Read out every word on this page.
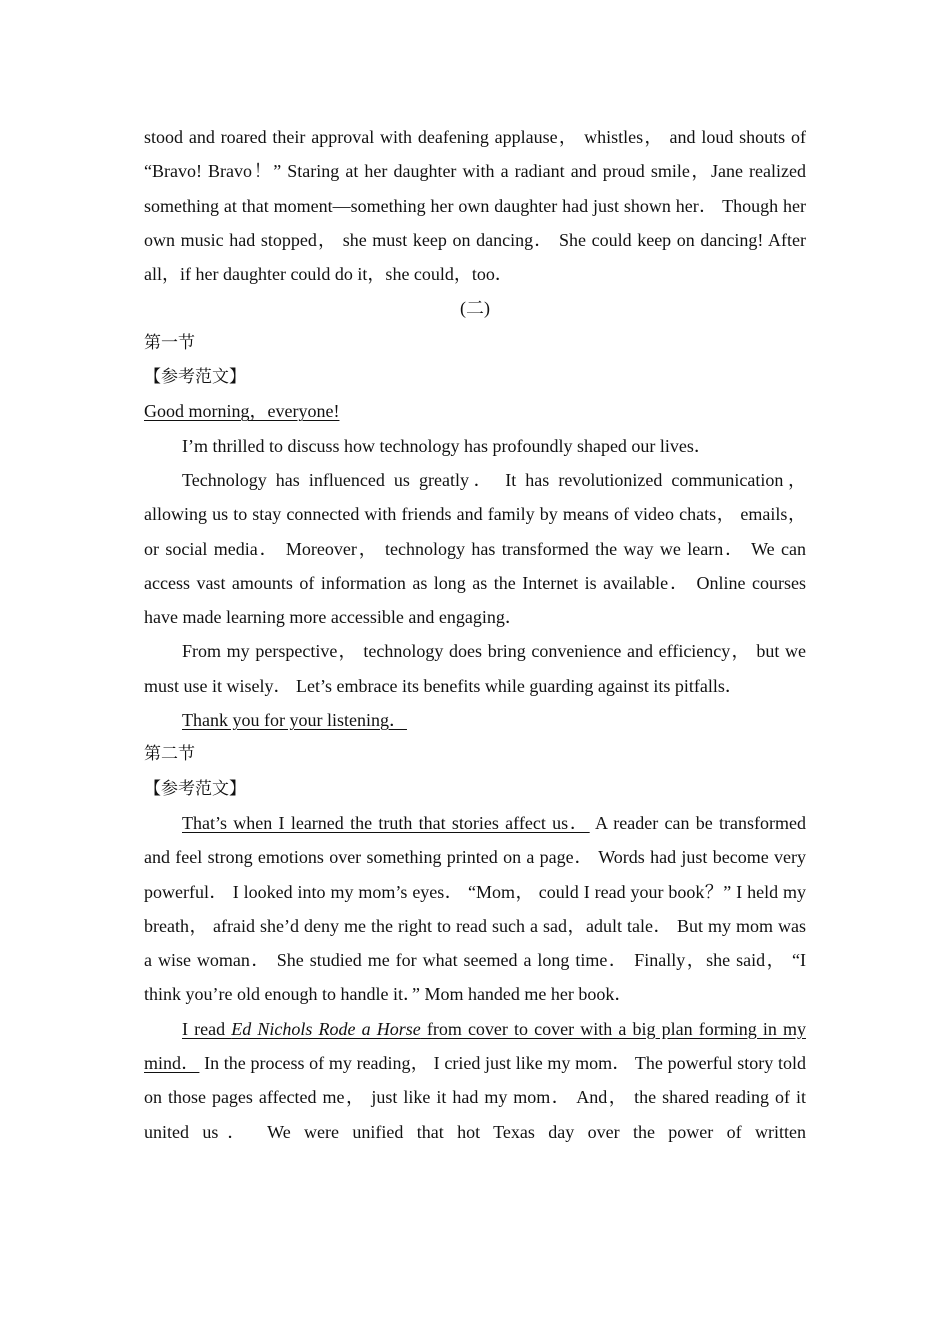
stood and roared their approval with deafening applause， whistles， and loud shouts of “Bravo! Bravo！” Staring at her daughter with a radiant and proud smile，Jane realized something at that moment—something her own daughter had just shown her． Though her own music had stopped， she must keep on dancing． She could keep on dancing! After all，if her daughter could do it，she could，too．

(二)

第一节

【参考范文】

Good morning，everyone!

I’m thrilled to discuss how technology has profoundly shaped our lives．

Technology has influenced us greatly． It has revolutionized communication， allowing us to stay connected with friends and family by means of video chats， emails， or social media． Moreover， technology has transformed the way we learn． We can access vast amounts of information as long as the Internet is available． Online courses have made learning more accessible and engaging．

From my perspective， technology does bring convenience and efficiency， but we must use it wisely． Let’s embrace its benefits while guarding against its pitfalls．

Thank you for your listening．

第二节

【参考范文】

That’s when I learned the truth that stories affect us． A reader can be transformed and feel strong emotions over something printed on a page． Words had just become very powerful． I looked into my mom’s eyes． “Mom， could I read your book？” I held my breath， afraid she’d deny me the right to read such a sad，adult tale． But my mom was a wise woman． She studied me for what seemed a long time． Finally，she said， “I think you’re old enough to handle it．” Mom handed me her book．

I read Ed Nichols Rode a Horse from cover to cover with a big plan forming in my mind． In the process of my reading， I cried just like my mom． The powerful story told on those pages affected me， just like it had my mom． And， the shared reading of it united us． We were unified that hot Texas day over the power of written
